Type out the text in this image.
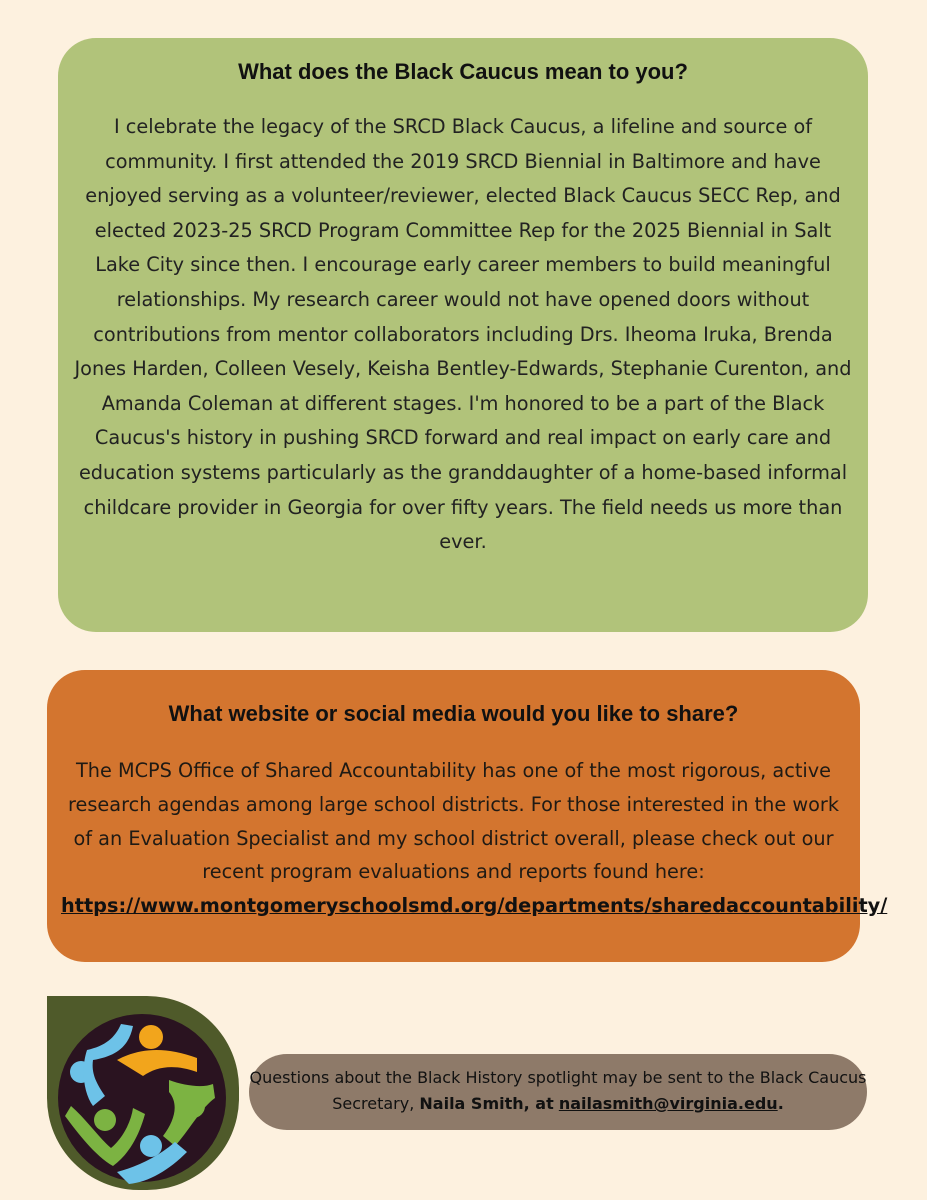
What does the Black Caucus mean to you?

I celebrate the legacy of the SRCD Black Caucus, a lifeline and source of community. I first attended the 2019 SRCD Biennial in Baltimore and have enjoyed serving as a volunteer/reviewer, elected Black Caucus SECC Rep, and elected 2023-25 SRCD Program Committee Rep for the 2025 Biennial in Salt Lake City since then. I encourage early career members to build meaningful relationships. My research career would not have opened doors without contributions from mentor collaborators including Drs. Iheoma Iruka, Brenda Jones Harden, Colleen Vesely, Keisha Bentley-Edwards, Stephanie Curenton, and Amanda Coleman at different stages. I'm honored to be a part of the Black Caucus's history in pushing SRCD forward and real impact on early care and education systems particularly as the granddaughter of a home-based informal childcare provider in Georgia for over fifty years. The field needs us more than ever.

What website or social media would you like to share?

The MCPS Office of Shared Accountability has one of the most rigorous, active research agendas among large school districts. For those interested in the work of an Evaluation Specialist and my school district overall, please check out our recent program evaluations and reports found here: https://www.montgomeryschoolsmd.org/departments/sharedaccountability/

Questions about the Black History spotlight may be sent to the Black Caucus Secretary, Naila Smith, at nailasmith@virginia.edu.
